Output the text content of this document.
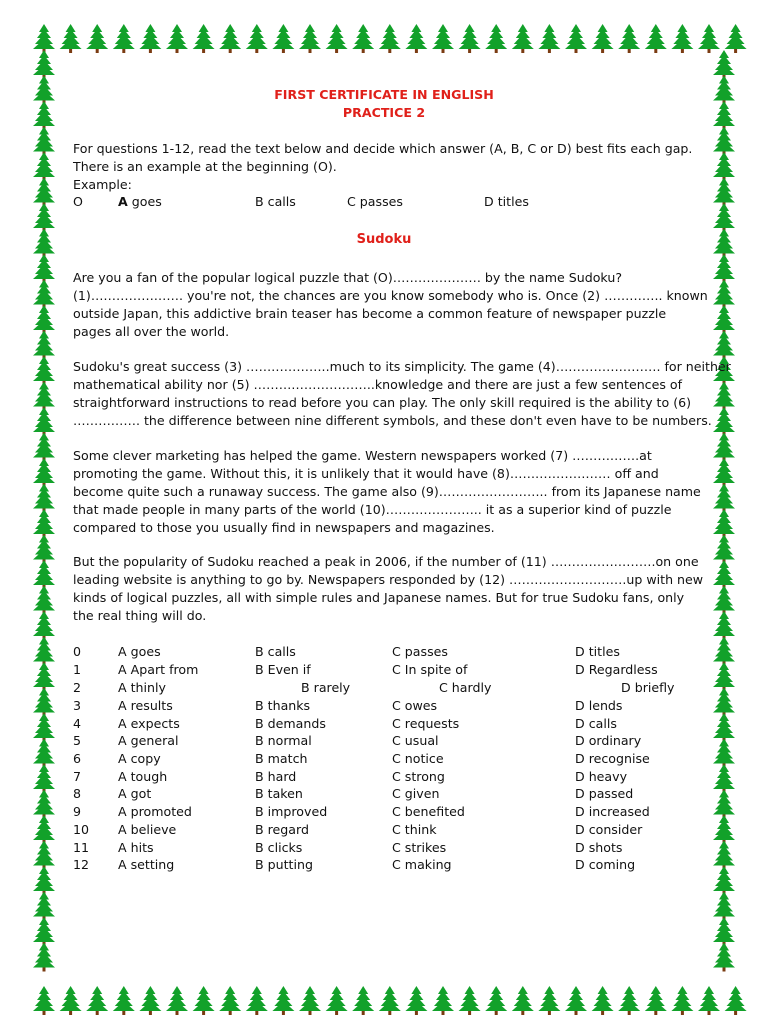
FIRST CERTIFICATE IN ENGLISH
PRACTICE 2
For questions 1-12, read the text below and decide which answer (A, B, C or D) best fits each gap.
There is an example at the beginning (O).
Example:
O	A goes	B calls	C passes	D titles
Sudoku
Are you a fan of the popular logical puzzle that (O)………………… by the name Sudoku?
(1)…………………. you're not, the chances are you know somebody who is. Once (2) ………….. known
outside Japan, this addictive brain teaser has become a common feature of newspaper puzzle
pages all over the world.
Sudoku's great success (3) ………………..much to its simplicity. The game (4)……………………. for neither
mathematical ability nor (5) ………………………..knowledge and there are just a few sentences of
straightforward instructions to read before you can play. The only skill required is the ability to (6)
……………. the difference between nine different symbols, and these don't even have to be numbers.
Some clever marketing has helped the game. Western newspapers worked (7) …………….at
promoting the game. Without this, it is unlikely that it would have (8)…………………… off and
become quite such a runaway success. The game also (9)…………………….. from its Japanese name
that made people in many parts of the world (10)………………….. it as a superior kind of puzzle
compared to those you usually find in newspapers and magazines.
But the popularity of Sudoku reached a peak in 2006, if the number of (11) …………………….on one
leading website is anything to go by. Newspapers responded by (12) ……………………….up with new
kinds of logical puzzles, all with simple rules and Japanese names. But for true Sudoku fans, only
the real thing will do.
0	A goes	B calls	C passes	D titles
1	A Apart from	B Even if	C In spite of	D Regardless
2	A thinly	B rarely	C hardly	D briefly
3	A results	B thanks	C owes	D lends
4	A expects	B demands	C requests	D calls
5	A general	B normal	C usual	D ordinary
6	A copy	B match	C notice	D recognise
7	A tough	B hard	C strong	D heavy
8	A got	B taken	C given	D passed
9	A promoted	B improved	C benefited	D increased
10 A believe	B regard	C think	D consider
11 A hits	B clicks	C strikes	D shots
12 A setting	B putting	C making	D coming
